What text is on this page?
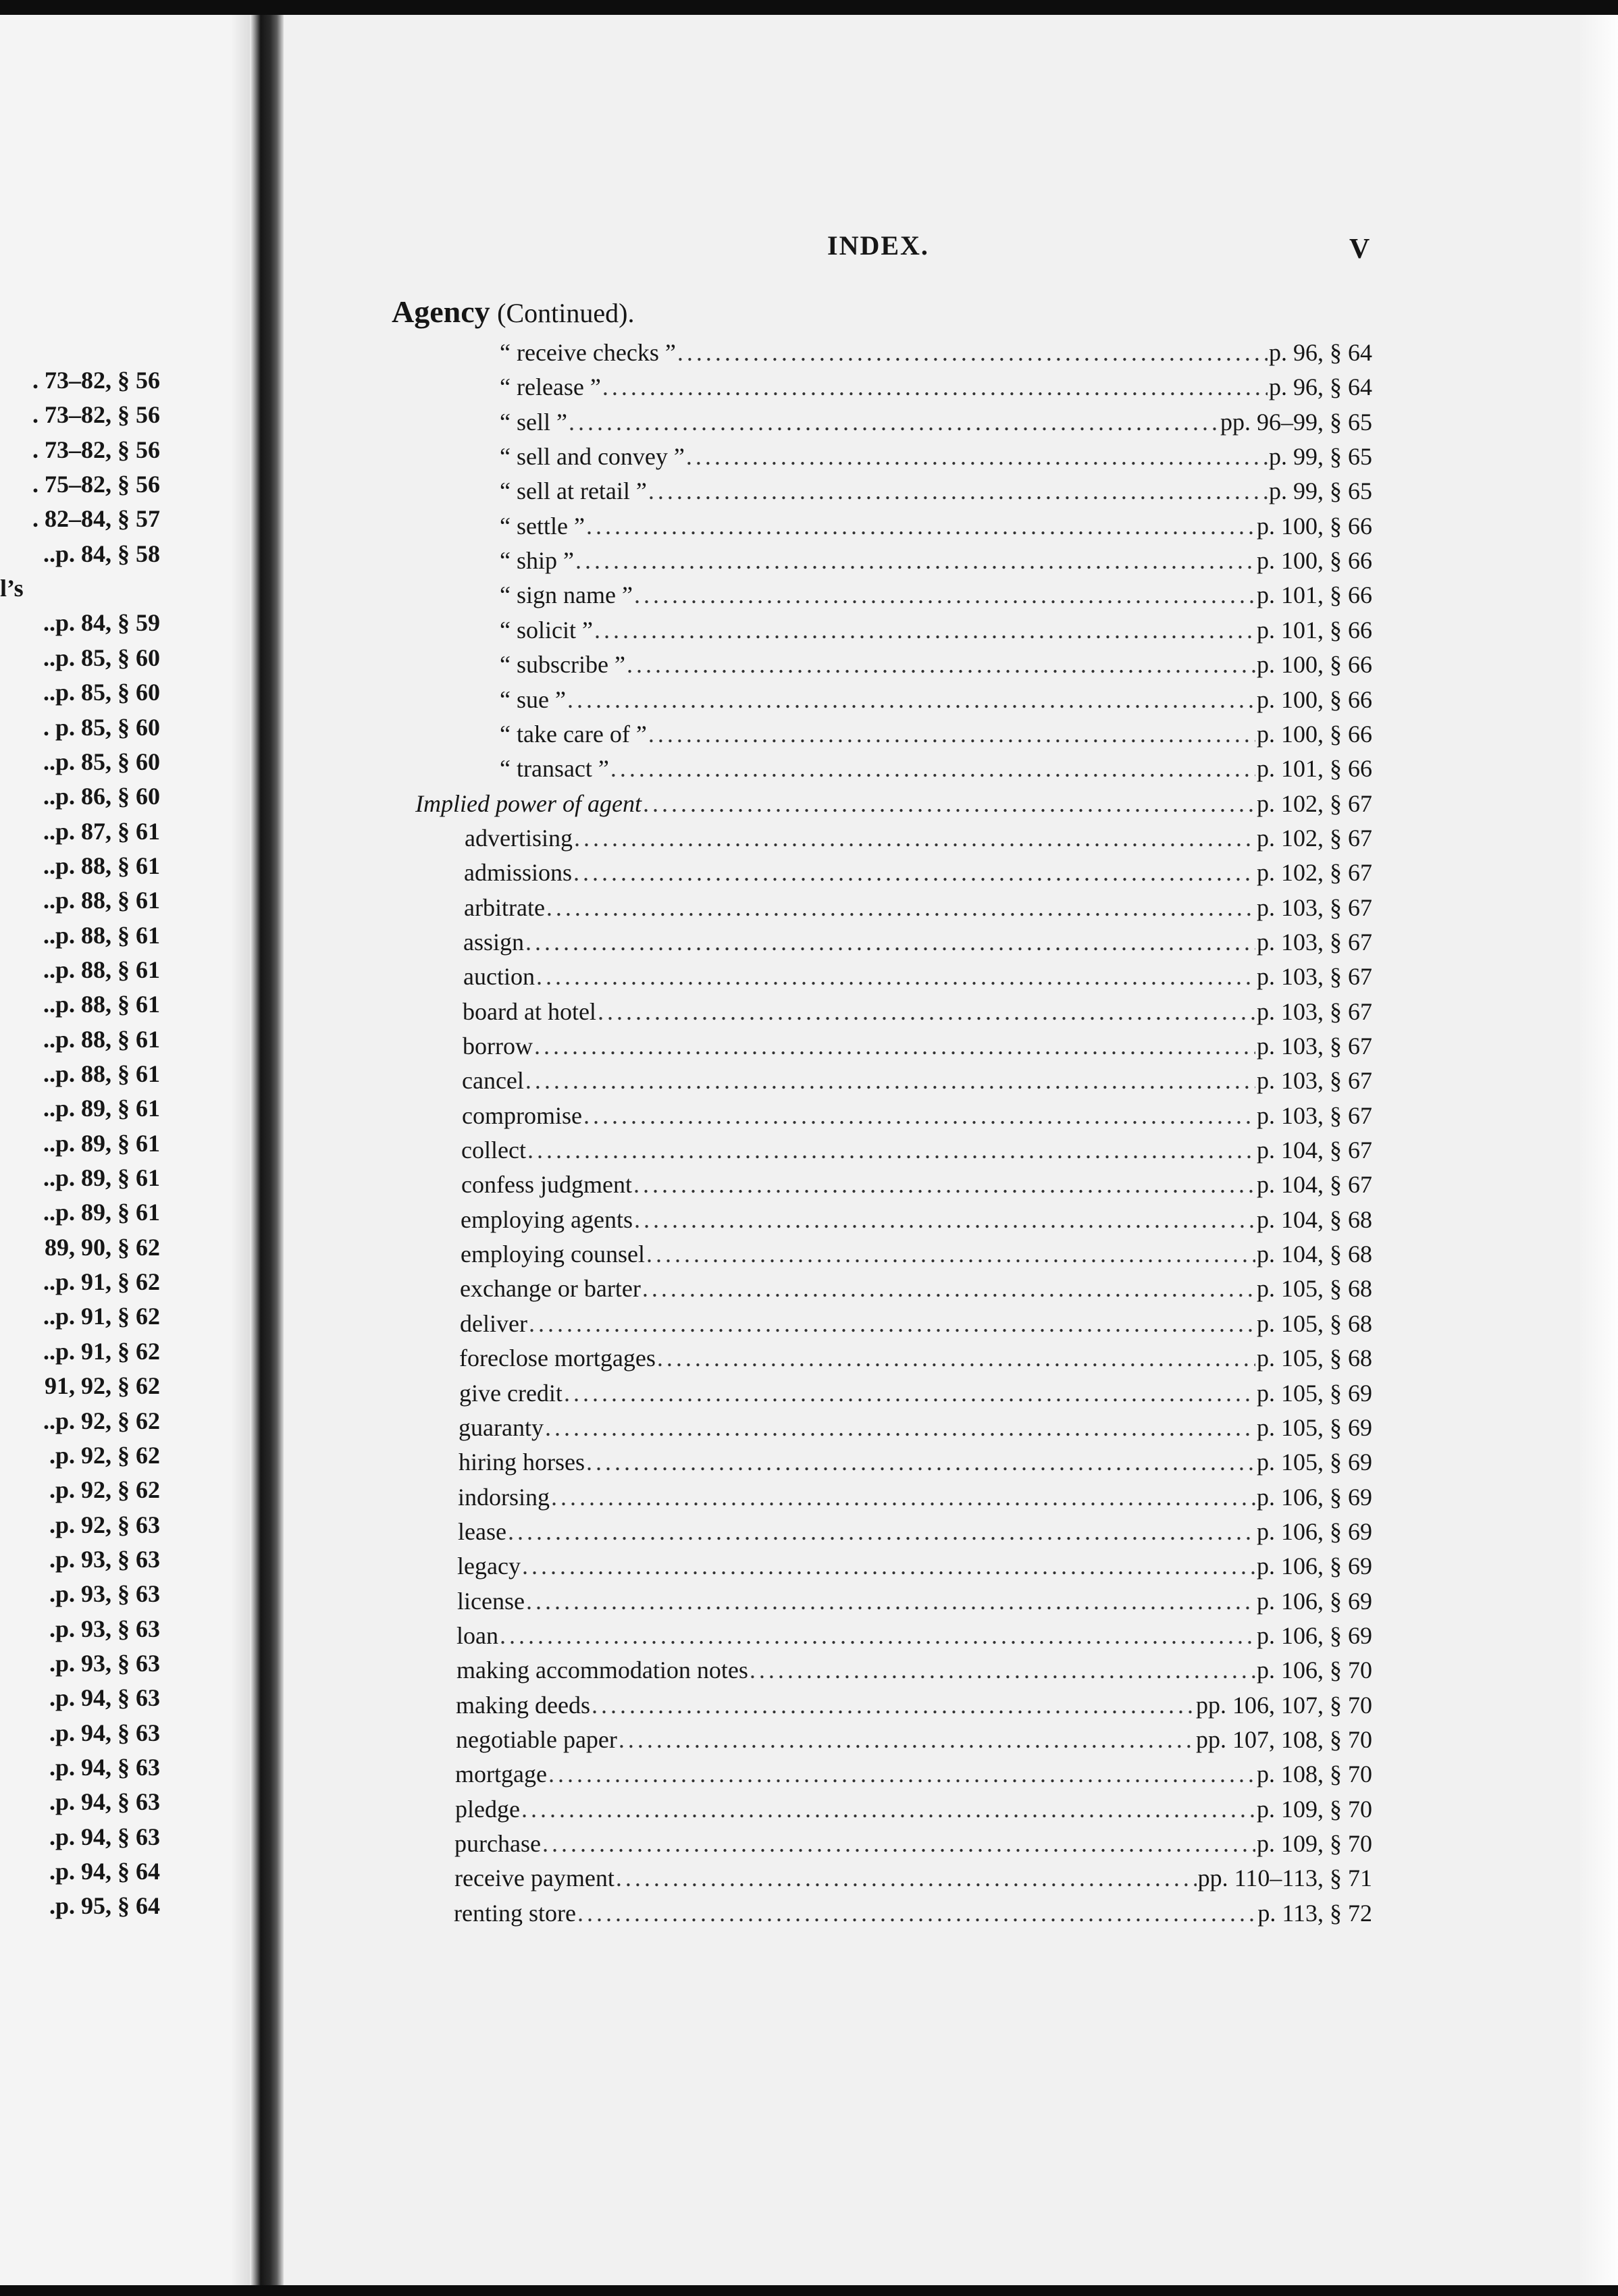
. 73–82, § 56
. 73–82, § 56
. 73–82, § 56
. 75–82, § 56
. 82–84, § 57
..p. 84, § 58
l’s
..p. 84, § 59
..p. 85, § 60
..p. 85, § 60
. p. 85, § 60
..p. 85, § 60
..p. 86, § 60
..p. 87, § 61
..p. 88, § 61
..p. 88, § 61
..p. 88, § 61
..p. 88, § 61
..p. 88, § 61
..p. 88, § 61
..p. 88, § 61
..p. 89, § 61
..p. 89, § 61
..p. 89, § 61
..p. 89, § 61
89, 90, § 62
..p. 91, § 62
..p. 91, § 62
..p. 91, § 62
91, 92, § 62
..p. 92, § 62
.p. 92, § 62
.p. 92, § 62
.p. 92, § 63
.p. 93, § 63
.p. 93, § 63
.p. 93, § 63
.p. 93, § 63
.p. 94, § 63
.p. 94, § 63
.p. 94, § 63
.p. 94, § 63
.p. 94, § 63
.p. 94, § 64
.p. 95, § 64
INDEX.	V
Agency (Continued).
“ receive checks ” .....	p. 96, § 64
“ release ” .....	p. 96, § 64
“ sell ” .....	pp. 96–99, § 65
“ sell and convey ” .....	p. 99, § 65
“ sell at retail ” .....	p. 99, § 65
“ settle ” .....	p. 100, § 66
“ ship ” .....	p. 100, § 66
“ sign name ” .....	p. 101, § 66
“ solicit ” .....	p. 101, § 66
“ subscribe ” .....	p. 100, § 66
“ sue ” .....	p. 100, § 66
“ take care of ” .....	p. 100, § 66
“ transact ” .....	p. 101, § 66
Implied power of agent .....	p. 102, § 67
advertising .....	p. 102, § 67
admissions .....	p. 102, § 67
arbitrate .....	p. 103, § 67
assign .....	p. 103, § 67
auction .....	p. 103, § 67
board at hotel .....	p. 103, § 67
borrow .....	p. 103, § 67
cancel .....	p. 103, § 67
compromise .....	p. 103, § 67
collect .....	p. 104, § 67
confess judgment .....	p. 104, § 67
employing agents .....	p. 104, § 68
employing counsel .....	p. 104, § 68
exchange or barter .....	p. 105, § 68
deliver .....	p. 105, § 68
foreclose mortgages .....	p. 105, § 68
give credit .....	p. 105, § 69
guaranty .....	p. 105, § 69
hiring horses .....	p. 105, § 69
indorsing .....	p. 106, § 69
lease .....	p. 106, § 69
legacy .....	p. 106, § 69
license .....	p. 106, § 69
loan .....	p. 106, § 69
making accommodation notes .....	p. 106, § 70
making deeds .....	pp. 106, 107, § 70
negotiable paper .....	pp. 107, 108, § 70
mortgage .....	p. 108, § 70
pledge .....	p. 109, § 70
purchase .....	p. 109, § 70
receive payment .....	pp. 110–113, § 71
renting store .....	p. 113, § 72
